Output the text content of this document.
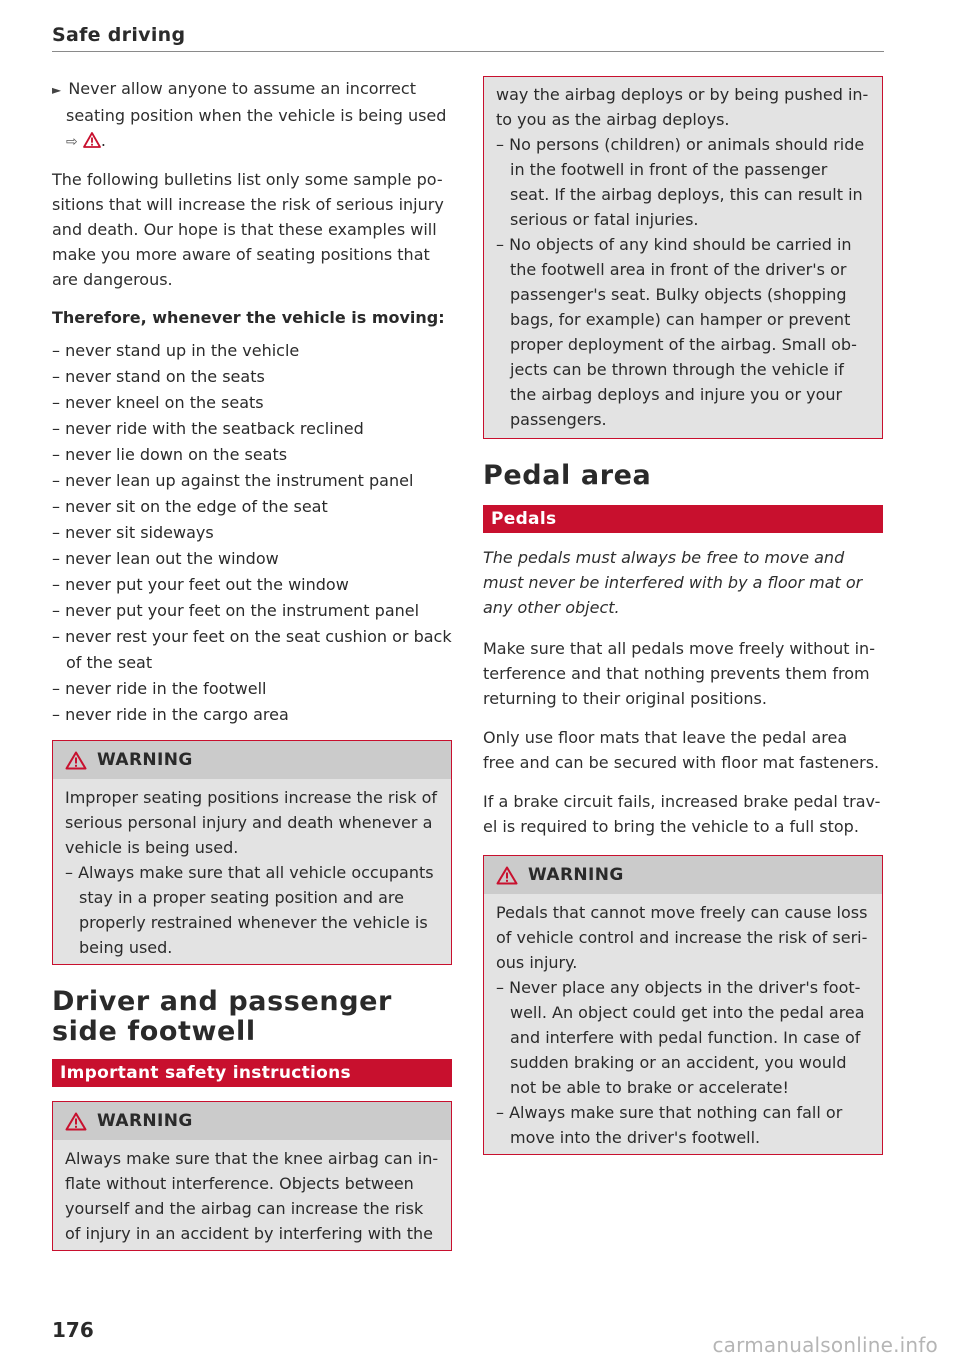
Safe driving

► Never allow anyone to assume an incorrect seating position when the vehicle is being used
⇨ .

The following bulletins list only some sample po-sitions that will increase the risk of serious injury and death. Our hope is that these examples will make you more aware of seating positions that are dangerous.

Therefore, whenever the vehicle is moving:

– never stand up in the vehicle
– never stand on the seats
– never kneel on the seats
– never ride with the seatback reclined
– never lie down on the seats
– never lean up against the instrument panel
– never sit on the edge of the seat
– never sit sideways
– never lean out the window
– never put your feet out the window
– never put your feet on the instrument panel
– never rest your feet on the seat cushion or back of the seat
– never ride in the footwell
– never ride in the cargo area
WARNING

Improper seating positions increase the risk of serious personal injury and death whenever a vehicle is being used.

– Always make sure that all vehicle occupants stay in a proper seating position and are properly restrained whenever the vehicle is being used.
Driver and passenger side footwell
Important safety instructions
WARNING

Always make sure that the knee airbag can in-flate without interference. Objects between yourself and the airbag can increase the risk of injury in an accident by interfering with the

way the airbag deploys or by being pushed in-to you as the airbag deploys.

– No persons (children) or animals should ride in the footwell in front of the passenger seat. If the airbag deploys, this can result in serious or fatal injuries.
– No objects of any kind should be carried in the footwell area in front of the driver's or passenger's seat. Bulky objects (shopping bags, for example) can hamper or prevent proper deployment of the airbag. Small ob-jects can be thrown through the vehicle if the airbag deploys and injure you or your passengers.
Pedal area
Pedals

The pedals must always be free to move and must never be interfered with by a floor mat or any other object.

Make sure that all pedals move freely without in-terference and that nothing prevents them from returning to their original positions.

Only use floor mats that leave the pedal area free and can be secured with floor mat fasteners.

If a brake circuit fails, increased brake pedal trav-el is required to bring the vehicle to a full stop.

WARNING

Pedals that cannot move freely can cause loss of vehicle control and increase the risk of seri-ous injury.

– Never place any objects in the driver's foot-well. An object could get into the pedal area and interfere with pedal function. In case of sudden braking or an accident, you would not be able to brake or accelerate!
– Always make sure that nothing can fall or move into the driver's footwell.
176
carmanualsonline.info
